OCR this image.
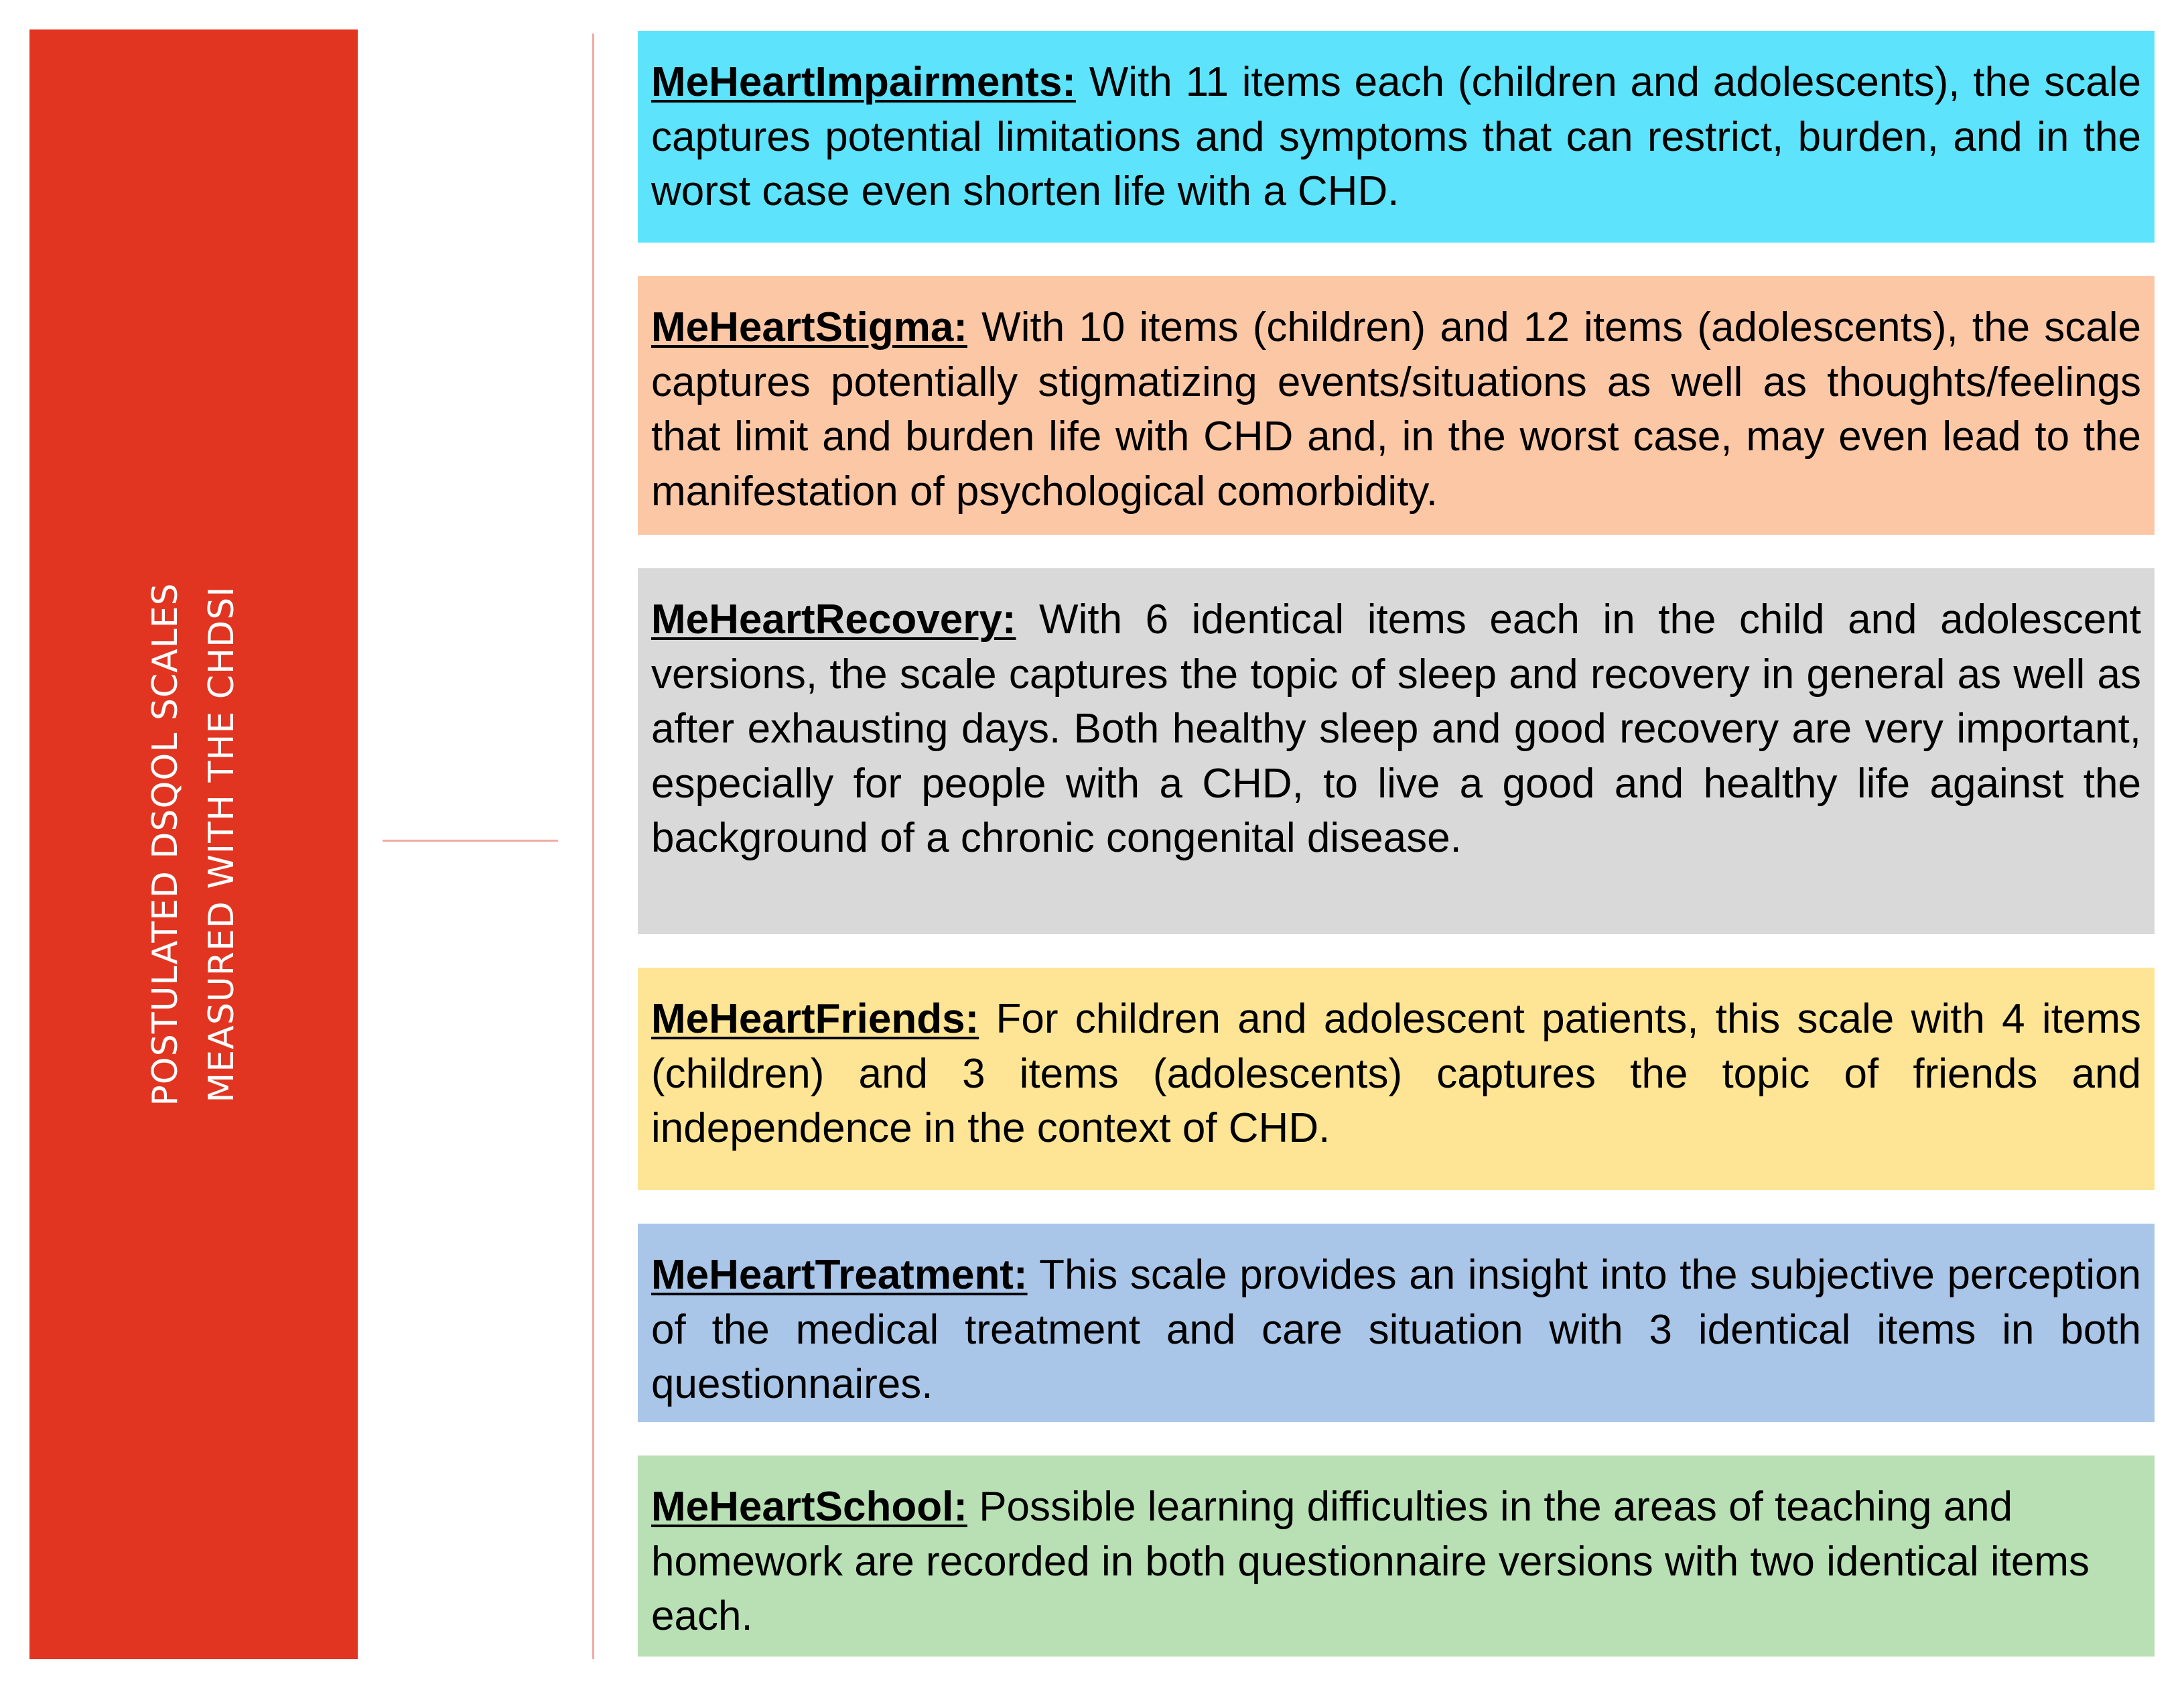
POSTULATED DSQOL SCALES MEASURED WITH THE CHDSI
MeHeartImpairments: With 11 items each (children and adolescents), the scale captures potential limitations and symptoms that can restrict, burden, and in the worst case even shorten life with a CHD.
MeHeartStigma: With 10 items (children) and 12 items (adolescents), the scale captures potentially stigmatizing events/situations as well as thoughts/feelings that limit and burden life with CHD and, in the worst case, may even lead to the manifestation of psychological comorbidity.
MeHeartRecovery: With 6 identical items each in the child and adolescent versions, the scale captures the topic of sleep and recovery in general as well as after exhausting days. Both healthy sleep and good recovery are very important, especially for people with a CHD, to live a good and healthy life against the background of a chronic congenital disease.
MeHeartFriends: For children and adolescent patients, this scale with 4 items (children) and 3 items (adolescents) captures the topic of friends and independence in the context of CHD.
MeHeartTreatment: This scale provides an insight into the subjective perception of the medical treatment and care situation with 3 identical items in both questionnaires.
MeHeartSchool: Possible learning difficulties in the areas of teaching and homework are recorded in both questionnaire versions with two identical items each.
